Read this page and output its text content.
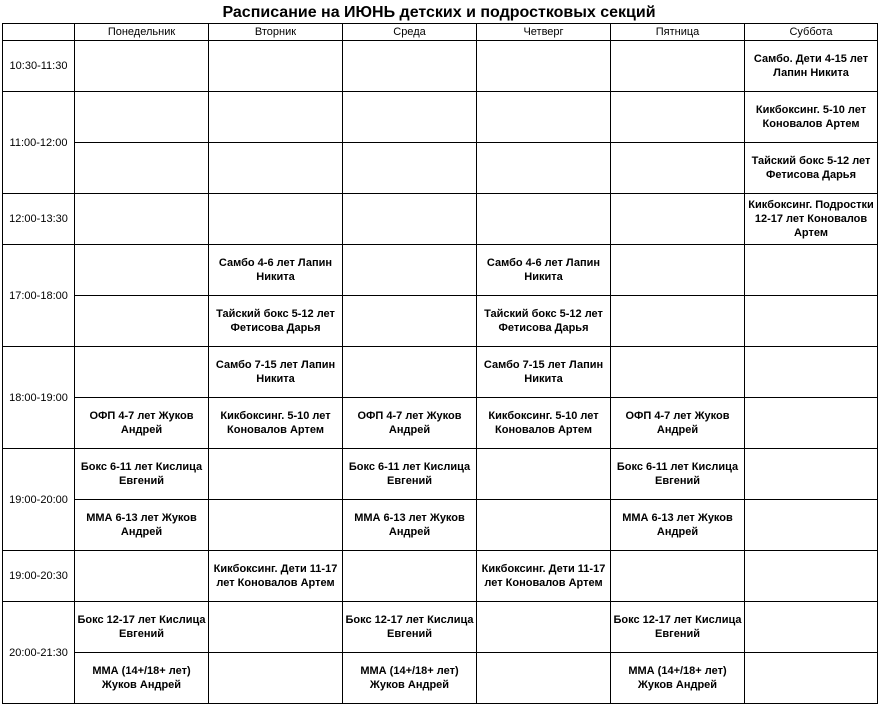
Расписание на ИЮНЬ детских и подростковых секций
	Понедельник	Вторник	Среда	Четверг	Пятница	Суббота
10:30-11:30						Самбо. Дети 4-15 лет Лапин Никита
11:00-12:00						Кикбоксинг. 5-10 лет Коновалов Артем
						Тайский бокс 5-12 лет Фетисова Дарья
12:00-13:30						Кикбоксинг. Подростки 12-17 лет Коновалов Артем
17:00-18:00		Самбо 4-6 лет Лапин Никита		Самбо 4-6 лет Лапин Никита		
		Тайский бокс 5-12 лет Фетисова Дарья		Тайский бокс 5-12 лет Фетисова Дарья		
18:00-19:00		Самбо 7-15 лет Лапин Никита		Самбо 7-15 лет Лапин Никита		
	ОФП 4-7 лет Жуков Андрей	Кикбоксинг. 5-10 лет Коновалов Артем	ОФП 4-7 лет Жуков Андрей	Кикбоксинг. 5-10 лет Коновалов Артем	ОФП 4-7 лет Жуков Андрей	
19:00-20:00	Бокс 6-11 лет Кислица Евгений		Бокс 6-11 лет Кислица Евгений		Бокс 6-11 лет Кислица Евгений	
	ММА 6-13 лет Жуков Андрей		ММА 6-13 лет Жуков Андрей		ММА 6-13 лет Жуков Андрей	
19:00-20:30		Кикбоксинг. Дети 11-17 лет Коновалов Артем		Кикбоксинг. Дети 11-17 лет Коновалов Артем		
20:00-21:30	Бокс 12-17 лет Кислица Евгений		Бокс 12-17 лет Кислица Евгений		Бокс 12-17 лет Кислица Евгений	
	ММА (14+/18+ лет) Жуков Андрей		ММА (14+/18+ лет) Жуков Андрей		ММА (14+/18+ лет) Жуков Андрей	
